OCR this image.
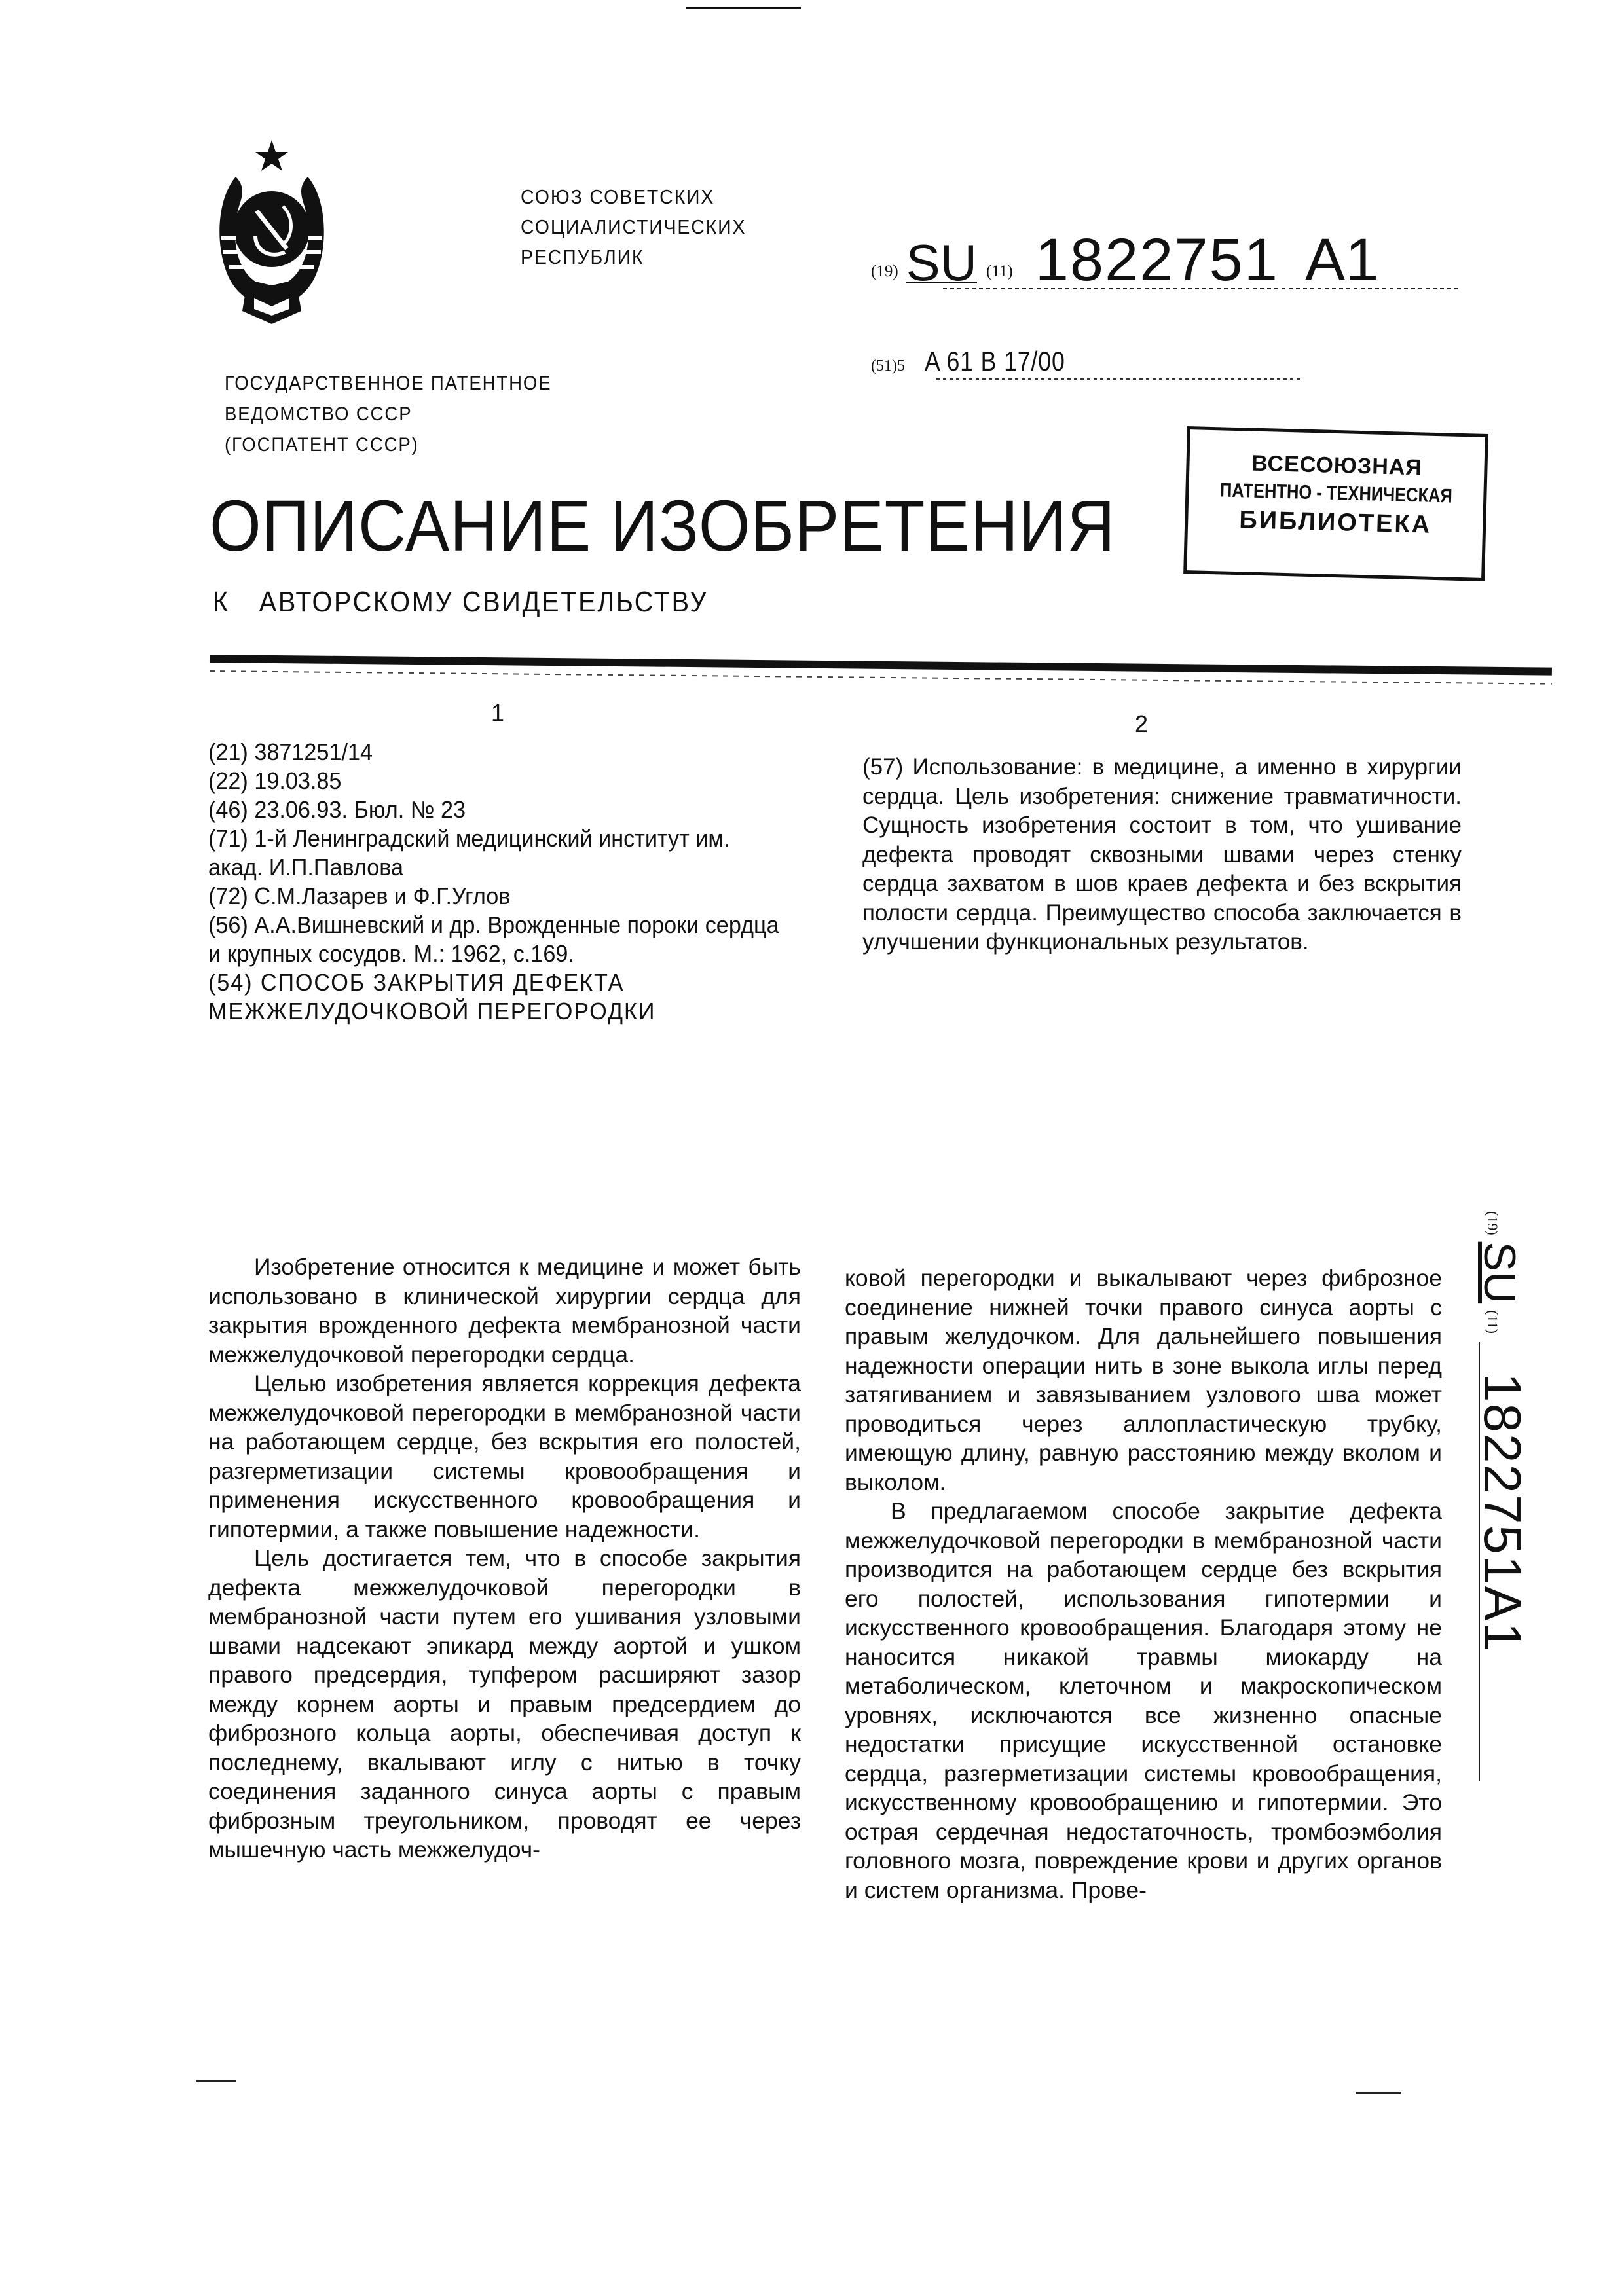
СОЮЗ СОВЕТСКИХ
СОЦИАЛИСТИЧЕСКИХ
РЕСПУБЛИК
(19) SU (11) 1822751 A1
(51)5 A 61 B 17/00
ГОСУДАРСТВЕННОЕ ПАТЕНТНОЕ
ВЕДОМСТВО СССР
(ГОСПАТЕНТ СССР)
ВСЕСОЮЗНАЯ
ПАТЕНТНО - ТЕХНИЧЕСКАЯ
БИБЛИОТЕКА
ОПИСАНИЕ ИЗОБРЕТЕНИЯ
К АВТОРСКОМУ СВИДЕТЕЛЬСТВУ
1	2

(21) 3871251/14

(22) 19.03.85

(46) 23.06.93. Бюл. № 23

(71) 1-й Ленинградский медицинский институт им. акад. И.П.Павлова

(72) С.М.Лазарев и Ф.Г.Углов

(56) А.А.Вишневский и др. Врожденные пороки сердца и крупных сосудов. М.: 1962, с.169.

(54) СПОСОБ ЗАКРЫТИЯ ДЕФЕКТА МЕЖЖЕЛУДОЧКОВОЙ ПЕРЕГОРОДКИ

(57) Использование: в медицине, а именно в хирургии сердца. Цель изобретения: снижение травматичности. Сущность изобретения состоит в том, что ушивание дефекта проводят сквозными швами через стенку сердца захватом в шов краев дефекта и без вскрытия полости сердца. Преимущество способа заключается в улучшении функциональных результатов.

Изобретение относится к медицине и может быть использовано в клинической хирургии сердца для закрытия врожденного дефекта мембранозной части межжелудочковой перегородки сердца.

Целью изобретения является коррекция дефекта межжелудочковой перегородки в мембранозной части на работающем сердце, без вскрытия его полостей, разгерметизации системы кровообращения и применения искусственного кровообращения и гипотермии, а также повышение надежности.

Цель достигается тем, что в способе закрытия дефекта межжелудочковой перегородки в мембранозной части путем его ушивания узловыми швами надсекают эпикард между аортой и ушком правого предсердия, тупфером расширяют зазор между корнем аорты и правым предсердием до фиброзного кольца аорты, обеспечивая доступ к последнему, вкалывают иглу с нитью в точку соединения заданного синуса аорты с правым фиброзным треугольником, проводят ее через мышечную часть межжелудоч-

ковой перегородки и выкалывают через фиброзное соединение нижней точки правого синуса аорты с правым желудочком. Для дальнейшего повышения надежности операции нить в зоне выкола иглы перед затягиванием и завязыванием узлового шва может проводиться через аллопластическую трубку, имеющую длину, равную расстоянию между вколом и выколом.

В предлагаемом способе закрытие дефекта межжелудочковой перегородки в мембранозной части производится на работающем сердце без вскрытия его полостей, использования гипотермии и искусственного кровообращения. Благодаря этому не наносится никакой травмы миокарду на метаболическом, клеточном и макроскопическом уровнях, исключаются все жизненно опасные недостатки присущие искусственной остановке сердца, разгерметизации системы кровообращения, искусственному кровообращению и гипотермии. Это острая сердечная недостаточность, тромбоэмболия головного мозга, повреждение крови и других органов и систем организма. Прове-

(19)SU(11)1822751A1
